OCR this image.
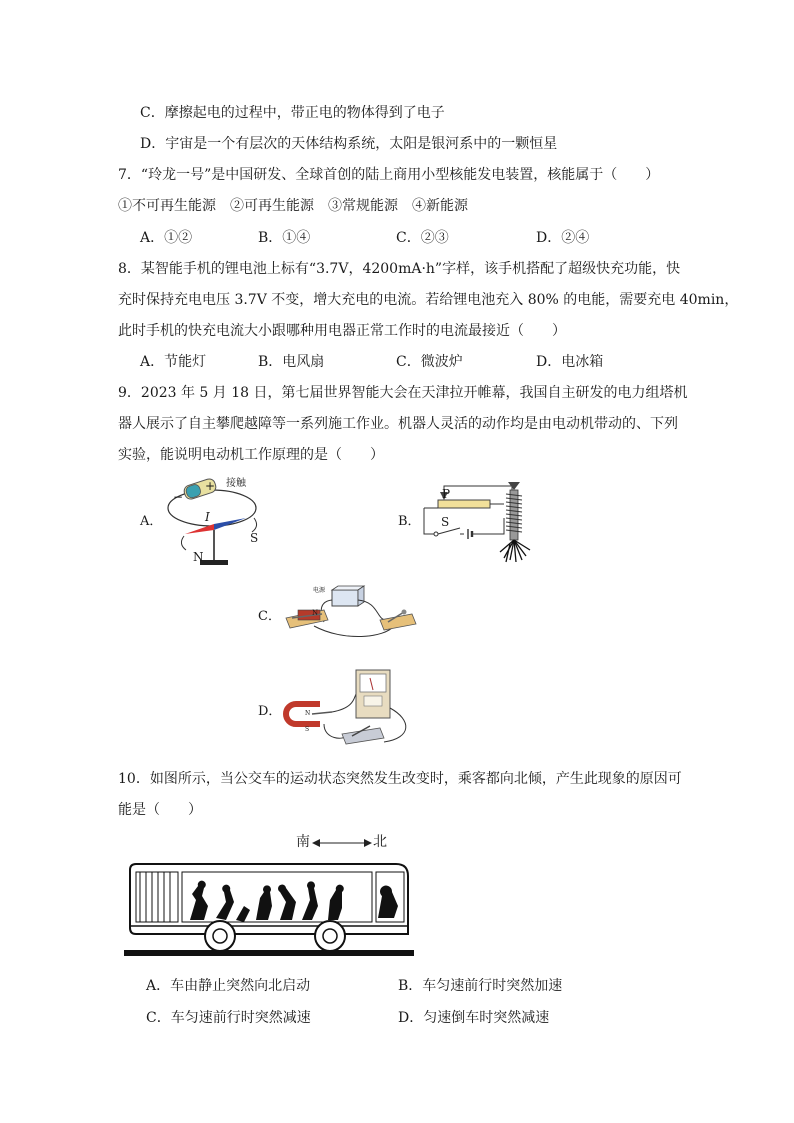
C．摩擦起电的过程中，带正电的物体得到了电子
D．宇宙是一个有层次的天体结构系统，太阳是银河系中的一颗恒星
7．“玲龙一号”是中国研发、全球首创的陆上商用小型核能发电装置，核能属于（　　）
①不可再生能源　②可再生能源　③常规能源　④新能源
A．①②	B．①④	C．②③	D．②④
8．某智能手机的锂电池上标有“3.7V，4200mA·h”字样，该手机搭配了超级快充功能，快
充时保持充电电压 3.7V 不变，增大充电的电流。若给锂电池充入 80% 的电能，需要充电 40min，
此时手机的快充电流大小跟哪种用电器正常工作时的电流最接近（　　）
A．节能灯	B．电风扇	C．微波炉	D．电冰箱
9．2023 年 5 月 18 日，第七届世界智能大会在天津拉开帷幕，我国自主研发的电力组塔机
器人展示了自主攀爬越障等一系列施工作业。机器人灵活的动作均是由电动机带动的、下列
实验，能说明电动机工作原理的是（　　）
A．
接触
+
−
I
N
S
B．
P
S
C．
电源
N
D．	N
S
10．如图所示，当公交车的运动状态突然发生改变时，乘客都向北倾，产生此现象的原因可
能是（　　）
南	北
A．车由静止突然向北启动	B．车匀速前行时突然加速
C．车匀速前行时突然减速	D．匀速倒车时突然减速
